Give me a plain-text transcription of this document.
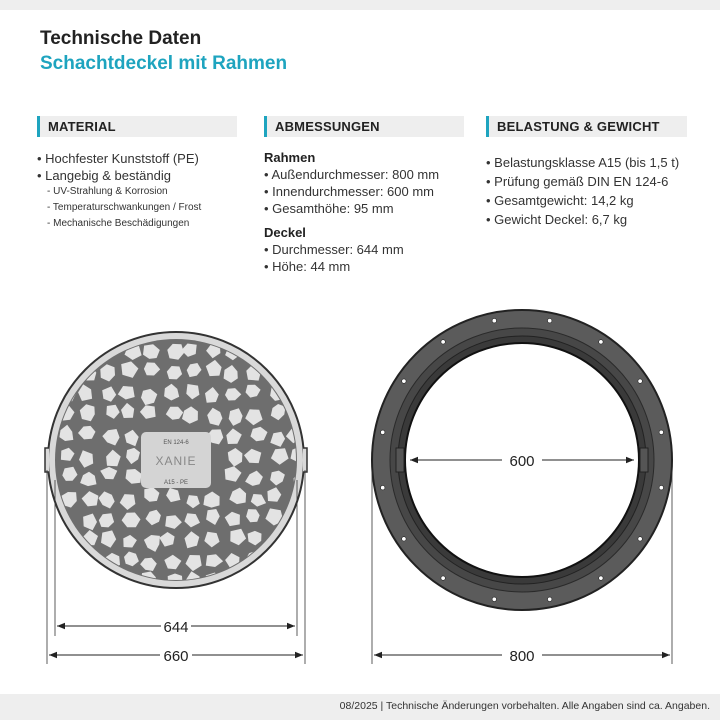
Technische Daten
Schachtdeckel mit Rahmen
MATERIAL
• Hochfester Kunststoff (PE)
• Langebig & beständig
- UV-Strahlung & Korrosion
- Temperaturschwankungen / Frost
- Mechanische Beschädigungen
ABMESSUNGEN
Rahmen
• Außendurchmesser: 800 mm
• Innendurchmesser: 600 mm
• Gesamthöhe: 95 mm
Deckel
• Durchmesser: 644 mm
• Höhe: 44 mm
BELASTUNG & GEWICHT
• Belastungsklasse A15 (bis 1,5 t)
• Prüfung gemäß DIN EN 124-6
• Gesamtgewicht: 14,2 kg
• Gewicht Deckel: 6,7 kg
EN 124-6
XANIE
A15 - PE
644
660
600
800
08/2025 | Technische Änderungen vorbehalten. Alle Angaben sind ca. Angaben.
